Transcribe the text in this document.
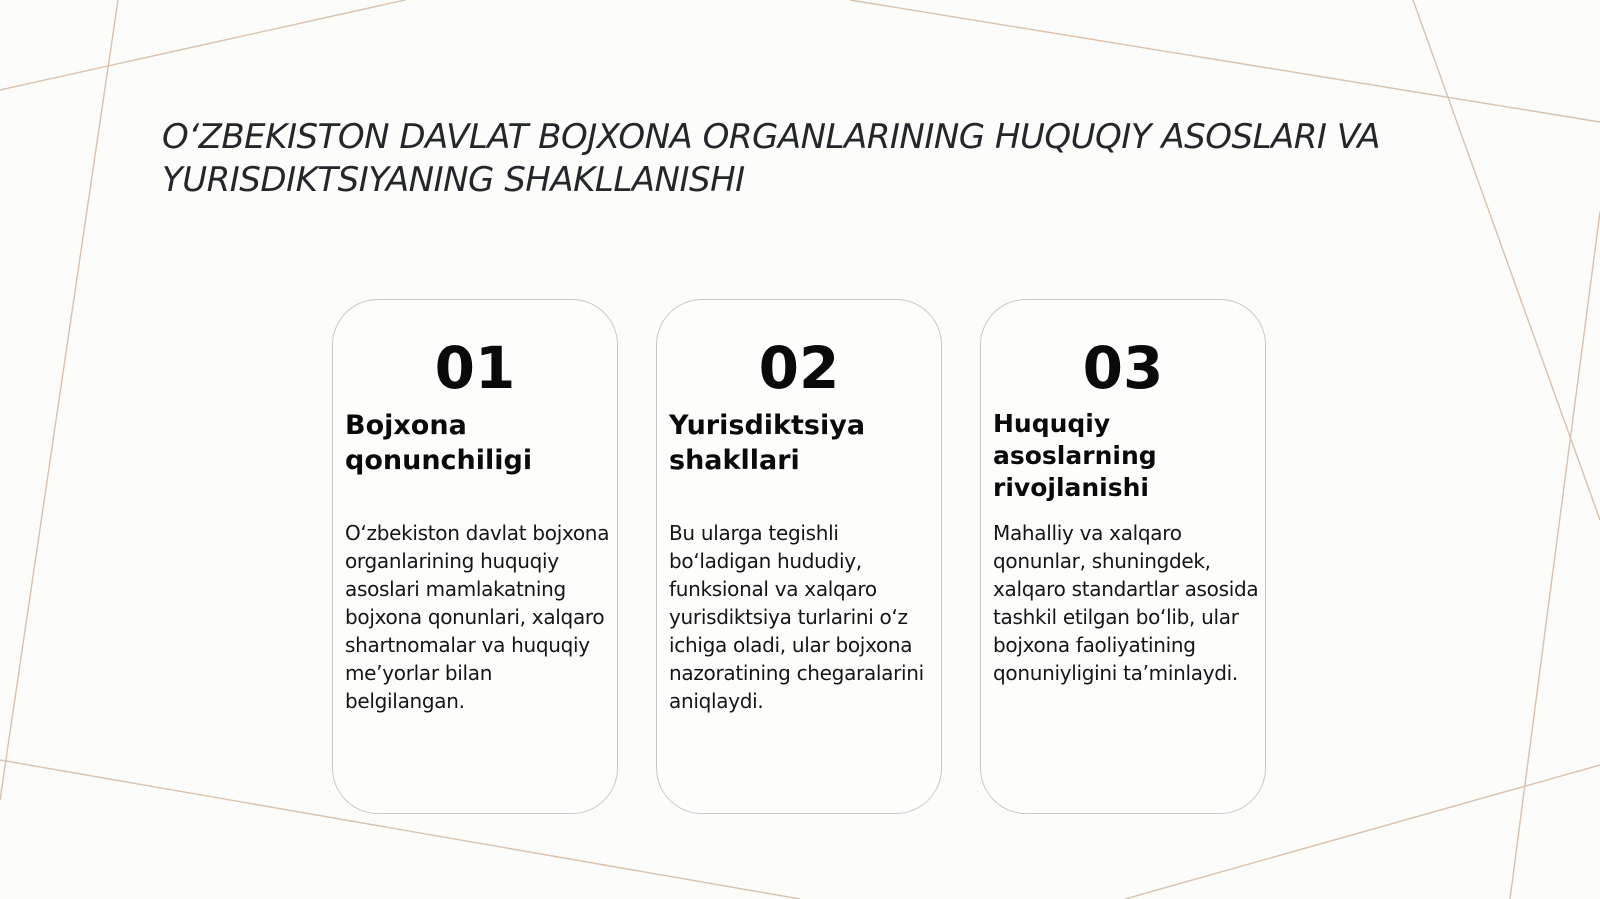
O‘ZBEKISTON DAVLAT BOJXONA ORGANLARINING HUQUQIY ASOSLARI VA YURISDIKTSIYANING SHAKLLANISHI
01
Bojxona qonunchiligi

O‘zbekiston davlat bojxona organlarining huquqiy asoslari mamlakatning bojxona qonunlari, xalqaro shartnomalar va huquqiy me’yorlar bilan belgilangan.

02
Yurisdiktsiya shakllari

Bu ularga tegishli bo‘ladigan hududiy, funksional va xalqaro yurisdiktsiya turlarini o‘z ichiga oladi, ular bojxona nazoratining chegaralarini aniqlaydi.

03
Huquqiy asoslarning rivojlanishi

Mahalliy va xalqaro qonunlar, shuningdek, xalqaro standartlar asosida tashkil etilgan bo‘lib, ular bojxona faoliyatining qonuniyligini ta’minlaydi.
